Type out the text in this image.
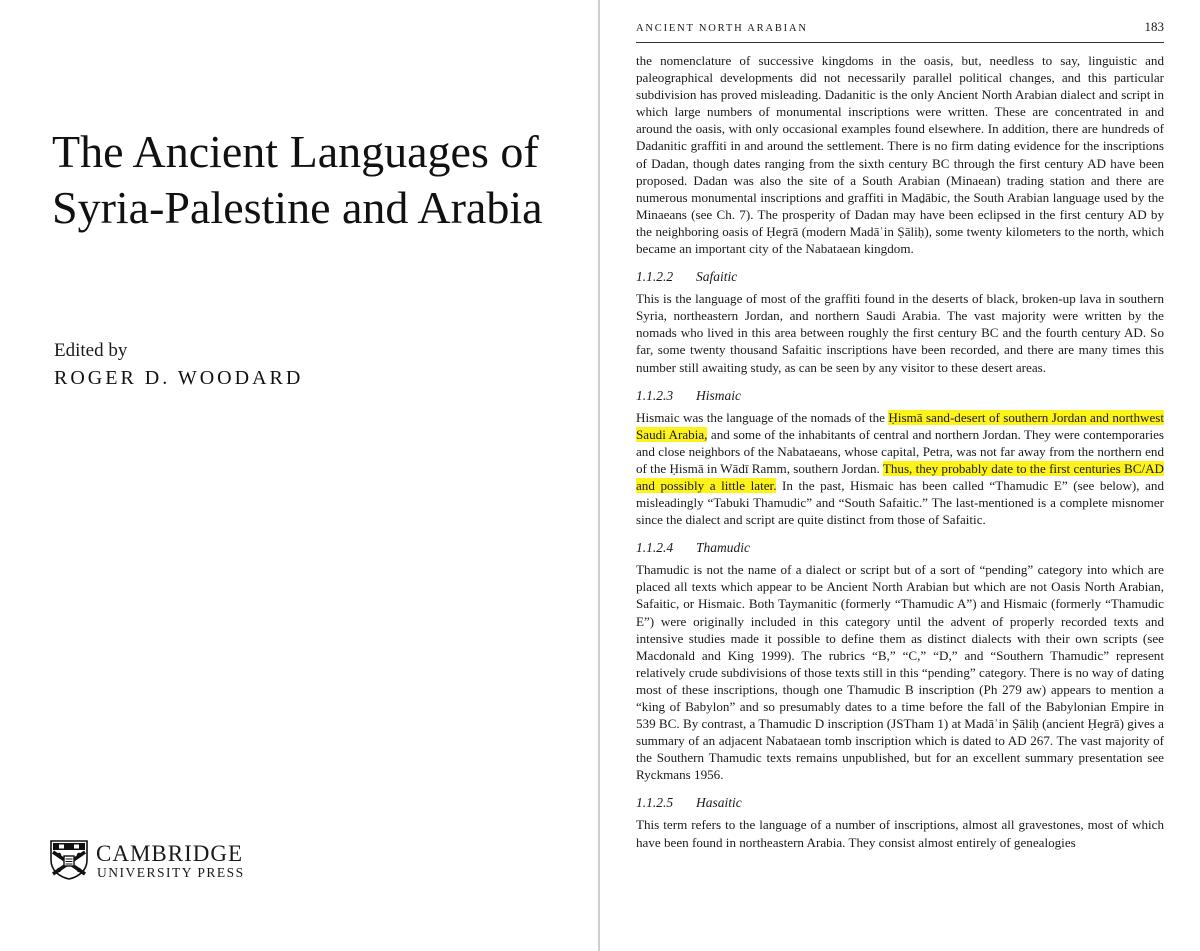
The Ancient Languages of Syria-Palestine and Arabia

Edited by

ROGER D. WOODARD

CAMBRIDGE

UNIVERSITY PRESS

ANCIENT NORTH ARABIAN	183

the nomenclature of successive kingdoms in the oasis, but, needless to say, linguistic and paleographical developments did not necessarily parallel political changes, and this particular subdivision has proved misleading. Dadanitic is the only Ancient North Arabian dialect and script in which large numbers of monumental inscriptions were written. These are concentrated in and around the oasis, with only occasional examples found elsewhere. In addition, there are hundreds of Dadanitic graffiti in and around the settlement. There is no firm dating evidence for the inscriptions of Dadan, though dates ranging from the sixth century BC through the first century AD have been proposed. Dadan was also the site of a South Arabian (Minaean) trading station and there are numerous monumental inscriptions and graffiti in Maḏābic, the South Arabian language used by the Minaeans (see Ch. 7). The prosperity of Dadan may have been eclipsed in the first century AD by the neighboring oasis of Ḥegrā (modern Madāʾin Ṣāliḥ), some twenty kilometers to the north, which became an important city of the Nabataean kingdom.

1.1.2.2 Safaitic

This is the language of most of the graffiti found in the deserts of black, broken-up lava in southern Syria, northeastern Jordan, and northern Saudi Arabia. The vast majority were written by the nomads who lived in this area between roughly the first century BC and the fourth century AD. So far, some twenty thousand Safaitic inscriptions have been recorded, and there are many times this number still awaiting study, as can be seen by any visitor to these desert areas.

1.1.2.3 Hismaic

Hismaic was the language of the nomads of the Ḥismā sand-desert of southern Jordan and northwest Saudi Arabia, and some of the inhabitants of central and northern Jordan. They were contemporaries and close neighbors of the Nabataeans, whose capital, Petra, was not far away from the northern end of the Ḥismā in Wādī Ramm, southern Jordan. Thus, they probably date to the first centuries BC/AD and possibly a little later. In the past, Hismaic has been called “Thamudic E” (see below), and misleadingly “Tabuki Thamudic” and “South Safaitic.” The last-mentioned is a complete misnomer since the dialect and script are quite distinct from those of Safaitic.

1.1.2.4 Thamudic

Thamudic is not the name of a dialect or script but of a sort of “pending” category into which are placed all texts which appear to be Ancient North Arabian but which are not Oasis North Arabian, Safaitic, or Hismaic. Both Taymanitic (formerly “Thamudic A”) and Hismaic (formerly “Thamudic E”) were originally included in this category until the advent of properly recorded texts and intensive studies made it possible to define them as distinct dialects with their own scripts (see Macdonald and King 1999). The rubrics “B,” “C,” “D,” and “Southern Thamudic” represent relatively crude subdivisions of those texts still in this “pending” category. There is no way of dating most of these inscriptions, though one Thamudic B inscription (Ph 279 aw) appears to mention a “king of Babylon” and so presumably dates to a time before the fall of the Babylonian Empire in 539 BC. By contrast, a Thamudic D inscription (JSTham 1) at Madāʾin Ṣāliḥ (ancient Ḥegrā) gives a summary of an adjacent Nabataean tomb inscription which is dated to AD 267. The vast majority of the Southern Thamudic texts remains unpublished, but for an excellent summary presentation see Ryckmans 1956.

1.1.2.5 Hasaitic

This term refers to the language of a number of inscriptions, almost all gravestones, most of which have been found in northeastern Arabia. They consist almost entirely of genealogies
